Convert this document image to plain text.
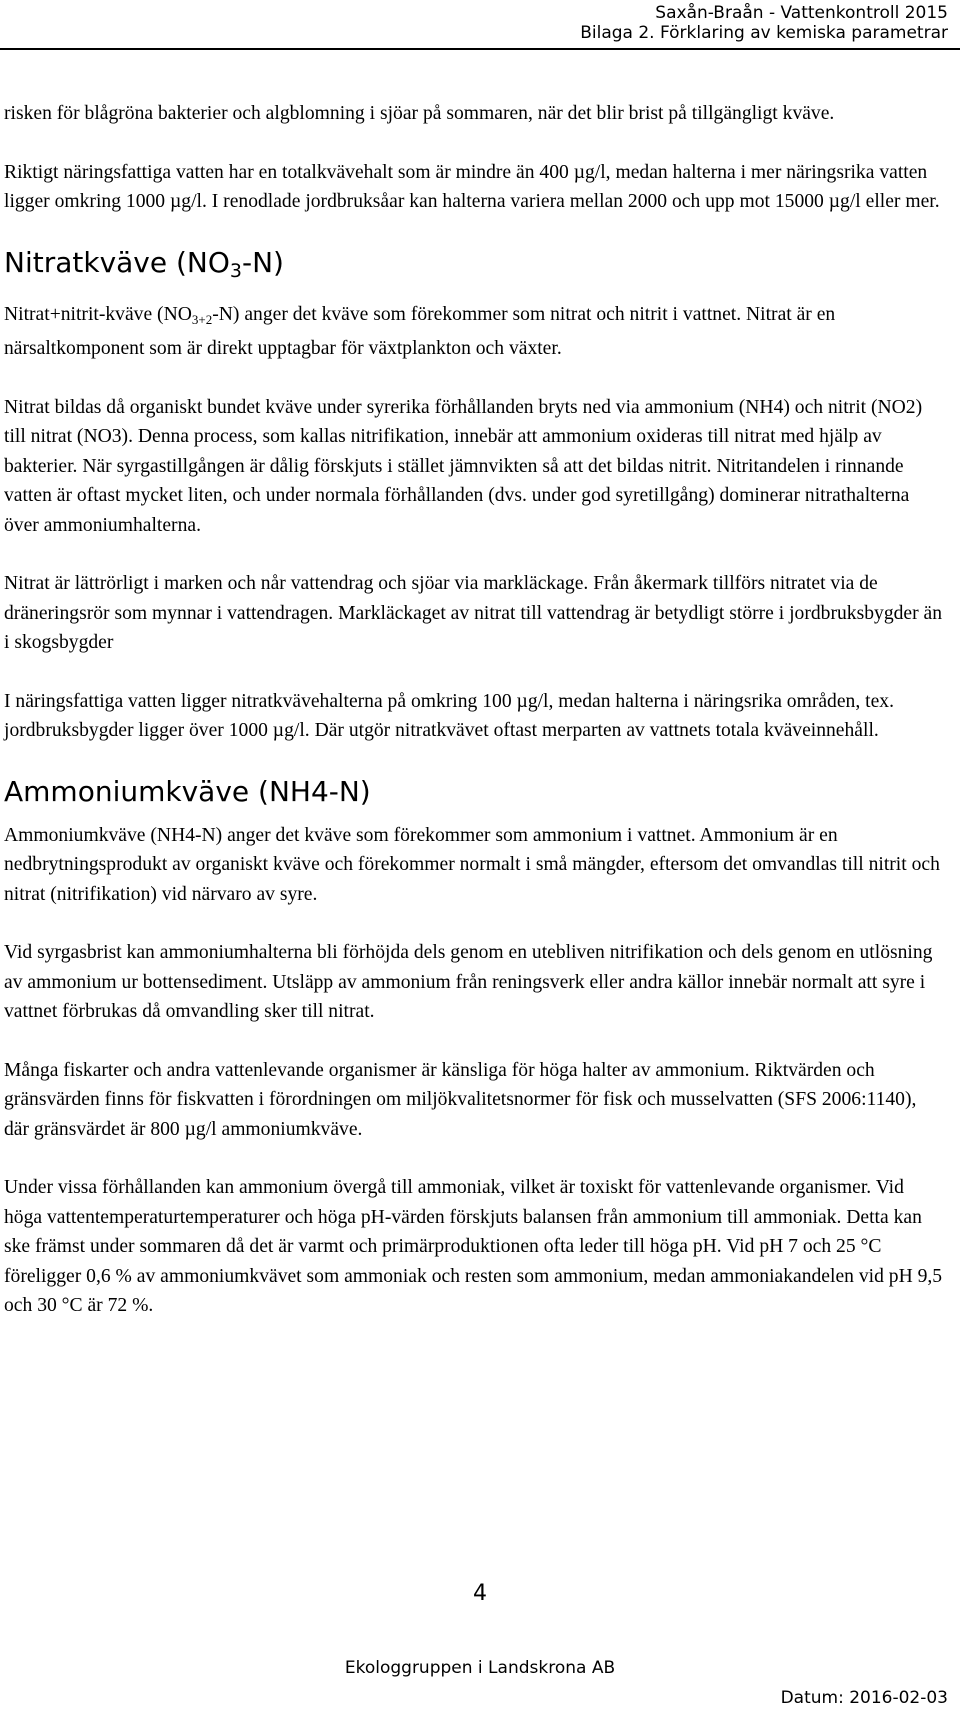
Saxån-Braån - Vattenkontroll 2015
Bilaga 2. Förklaring av kemiska parametrar

risken för blågröna bakterier och algblomning i sjöar på sommaren, när det blir brist på tillgängligt kväve.

Riktigt näringsfattiga vatten har en totalkvävehalt som är mindre än 400 µg/l, medan halterna i mer näringsrika vatten ligger omkring 1000 µg/l. I renodlade jordbruksåar kan halterna variera mellan 2000 och upp mot 15000 µg/l eller mer.

Nitratkväve $(NO_3-N)$

Nitrat+nitrit-kväve $(NO_{3+2}-N)$ anger det kväve som förekommer som nitrat och nitrit i vattnet. Nitrat är en närsaltkomponent som är direkt upptagbar för växtplankton och växter.

Nitrat bildas då organiskt bundet kväve under syrerika förhållanden bryts ned via ammonium (NH4) och nitrit (NO2) till nitrat (NO3). Denna process, som kallas nitrifikation, innebär att ammonium oxideras till nitrat med hjälp av bakterier. När syrgastillgången är dålig förskjuts i stället jämnvikten så att det bildas nitrit. Nitritandelen i rinnande vatten är oftast mycket liten, och under normala förhållanden (dvs. under god syretillgång) dominerar nitrathalterna över ammoniumhalterna.

Nitrat är lättrörligt i marken och når vattendrag och sjöar via markläckage. Från åkermark tillförs nitratet via de dräneringsrör som mynnar i vattendragen. Markläckaget av nitrat till vattendrag är betydligt större i jordbruksbygder än i skogsbygder

I näringsfattiga vatten ligger nitratkvävehalterna på omkring 100 µg/l, medan halterna i näringsrika områden, tex. jordbruksbygder ligger över 1000 µg/l. Där utgör nitratkvävet oftast merparten av vattnets totala kväveinnehåll.

Ammoniumkväve (NH4-N)

Ammoniumkväve (NH4-N) anger det kväve som förekommer som ammonium i vattnet. Ammonium är en nedbrytningsprodukt av organiskt kväve och förekommer normalt i små mängder, eftersom det omvandlas till nitrit och nitrat (nitrifikation) vid närvaro av syre.

Vid syrgasbrist kan ammoniumhalterna bli förhöjda dels genom en utebliven nitrifikation och dels genom en utlösning av ammonium ur bottensediment. Utsläpp av ammonium från reningsverk eller andra källor innebär normalt att syre i vattnet förbrukas då omvandling sker till nitrat.

Många fiskarter och andra vattenlevande organismer är känsliga för höga halter av ammonium. Riktvärden och gränsvärden finns för fiskvatten i förordningen om miljökvalitetsnormer för fisk och musselvatten (SFS 2006:1140), där gränsvärdet är 800 µg/l ammoniumkväve.

Under vissa förhållanden kan ammonium övergå till ammoniak, vilket är toxiskt för vattenlevande organismer. Vid höga vattentemperaturtemperaturer och höga pH-värden förskjuts balansen från ammonium till ammoniak. Detta kan ske främst under sommaren då det är varmt och primärproduktionen ofta leder till höga pH. Vid pH 7 och 25 °C föreligger 0,6 % av ammoniumkvävet som ammoniak och resten som ammonium, medan ammoniakandelen vid pH 9,5 och 30 °C är 72 %.

4
Ekologgruppen i Landskrona AB
Datum: 2016-02-03
